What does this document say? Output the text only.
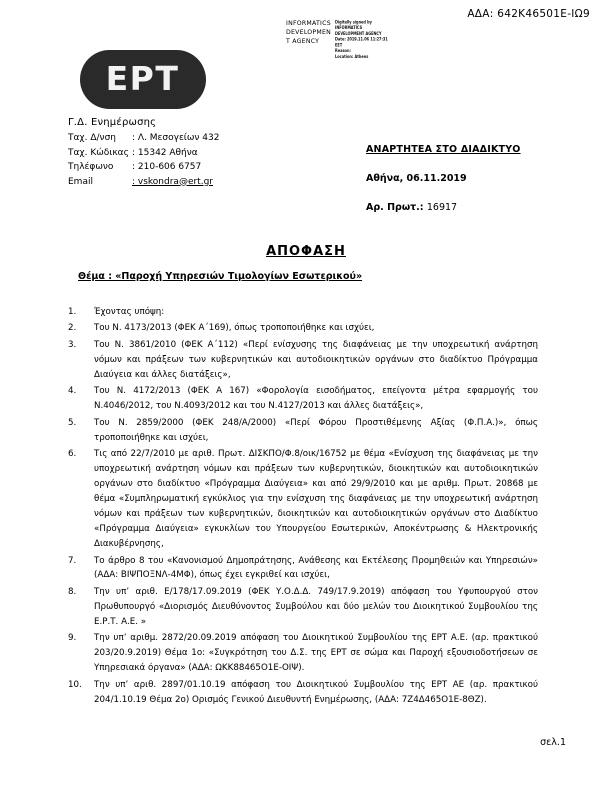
ΑΔΑ: 642Κ46501Ε-ΙΩ9
INFORMATICS
DEVELOPMEN
T AGENCY
Digitally signed by
INFORMATICS
DEVELOPMENT AGENCY
Date: 2019.11.06 11:27:31
EET
Reason:
Location: Athens
EPT
Γ.Δ. Ενημέρωσης
Ταχ. Δ/νση	: Λ. Μεσογείων 432
Ταχ. Κώδικας : 15342 Αθήνα
Τηλέφωνο	: 210-606 6757
Email	: vskondra@ert.gr
ΑΝΑΡΤΗΤΕΑ ΣΤΟ ΔΙΑΔΙΚΤΥΟ
Αθήνα, 06.11.2019
Αρ. Πρωτ.: 16917
ΑΠΟΦΑΣΗ
Θέμα : «Παροχή Υπηρεσιών Τιμολογίων Εσωτερικού»
1.	Έχοντας υπόψη:
2.	Του Ν. 4173/2013 (ΦΕΚ Α΄169), όπως τροποποιήθηκε και ισχύει,
3.	Του Ν. 3861/2010 (ΦΕΚ Α΄112) «Περί ενίσχυσης της διαφάνειας με την υποχρεωτική ανάρτηση νόμων και πράξεων των κυβερνητικών και αυτοδιοικητικών οργάνων στο διαδίκτυο Πρόγραμμα Διαύγεια και άλλες διατάξεις»,
4.	Του Ν. 4172/2013 (ΦΕΚ Α 167) «Φορολογία εισοδήματος, επείγοντα μέτρα εφαρμογής του Ν.4046/2012, του Ν.4093/2012 και του Ν.4127/2013 και άλλες διατάξεις»,
5.	Του Ν. 2859/2000 (ΦΕΚ 248/Α/2000) «Περί Φόρου Προστιθέμενης Αξίας (Φ.Π.Α.)», όπως τροποποιήθηκε και ισχύει,
6.	Τις από 22/7/2010 με αριθ. Πρωτ. ΔΙΣΚΠΟ/Φ.8/οικ/16752 με θέμα «Ενίσχυση της διαφάνειας με την υποχρεωτική ανάρτηση νόμων και πράξεων των κυβερνητικών, διοικητικών και αυτοδιοικητικών οργάνων στο διαδίκτυο «Πρόγραμμα Διαύγεια» και από 29/9/2010 και με αριθμ. Πρωτ. 20868 με θέμα «Συμπληρωματική εγκύκλιος για την ενίσχυση της διαφάνειας με την υποχρεωτική ανάρτηση νόμων και πράξεων των κυβερνητικών, διοικητικών και αυτοδιοικητικών οργάνων στο Διαδίκτυο «Πρόγραμμα Διαύγεια» εγκυκλίων του Υπουργείου Εσωτερικών, Αποκέντρωσης & Ηλεκτρονικής Διακυβέρνησης,
7.	Το άρθρο 8 του «Κανονισμού Δημοπράτησης, Ανάθεσης και Εκτέλεσης Προμηθειών και Υπηρεσιών» (ΑΔΑ: ΒΙΨΠΟΞΝΛ-4ΜΦ), όπως έχει εγκριθεί και ισχύει,
8.	Την υπ’ αριθ. Ε/178/17.09.2019 (ΦΕΚ Υ.Ο.Δ.Δ. 749/17.9.2019) απόφαση του Υφυπουργού στον Πρωθυπουργό «Διορισμός Διευθύνοντος Συμβούλου και δύο μελών του Διοικητικού Συμβουλίου της Ε.Ρ.Τ. Α.Ε. »
9.	Την υπ’ αριθμ. 2872/20.09.2019 απόφαση του Διοικητικού Συμβουλίου της ΕΡΤ Α.Ε. (αρ. πρακτικού 203/20.9.2019) Θέμα 1ο: «Συγκρότηση του Δ.Σ. της ΕΡΤ σε σώμα και Παροχή εξουσιοδοτήσεων σε Υπηρεσιακά όργανα» (ΑΔΑ: ΩΚΚ88465Ο1Ε-ΟΙΨ).
10.	Την υπ’ αριθ. 2897/01.10.19 απόφαση του Διοικητικού Συμβουλίου της ΕΡΤ ΑΕ (αρ. πρακτικού 204/1.10.19 Θέμα 2ο) Ορισμός Γενικού Διευθυντή Ενημέρωσης, (ΑΔΑ: 7Ζ4Δ465Ο1Ε-8ΘΖ).
σελ.1
